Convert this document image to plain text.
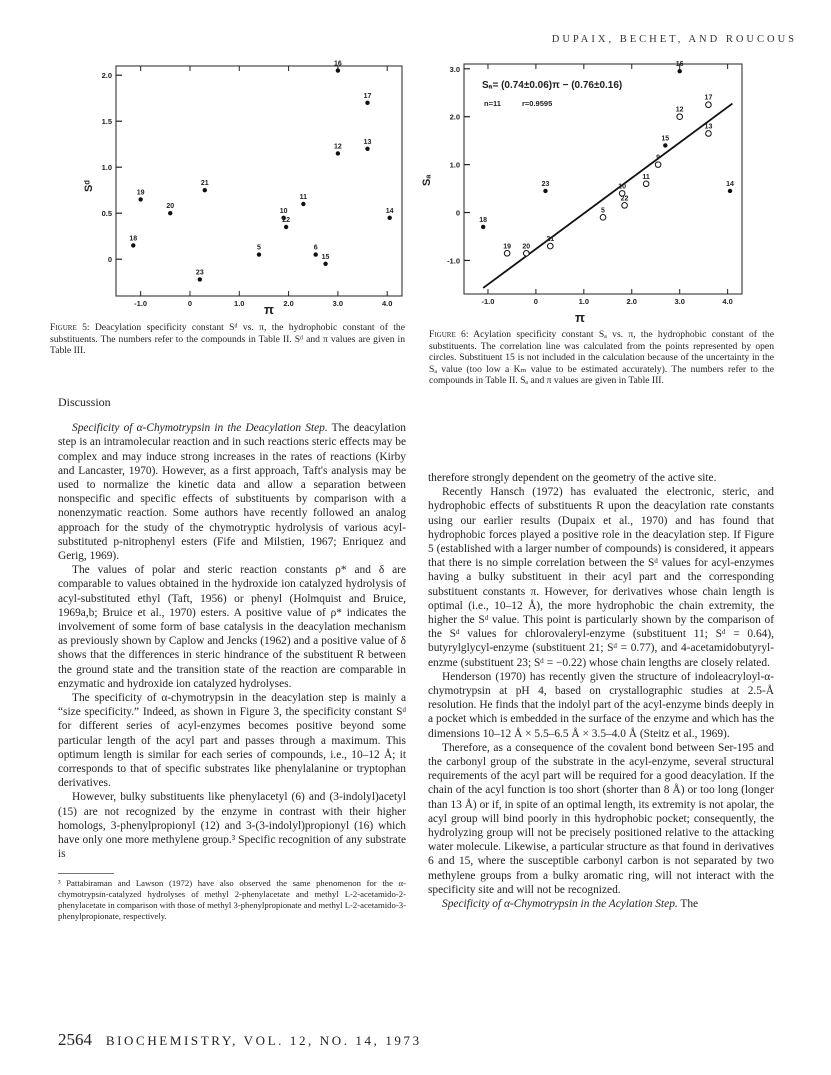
DUPAIX, BECHET, AND ROUCOUS
Sᵈ
π
-1.0	0	1.0	2.0	3.0	4.0
2.0
1.5
1.0
0.5
0
16
17
13
12
21
19
20
10
11
14
22
18
5	6
15
23
Figure 5: Deacylation specificity constant Sᵈ vs. π, the hydrophobic constant of the substituents. The numbers refer to the compounds in Table II. Sᵈ and π values are given in Table III.
Sₐ
π
Sₐ= (0.74±0.06)π − (0.76±0.16)
n=11	r=0.9595
-1.0	0	1.0	2.0	3.0	4.0
3.0
2.0
1.0
0
-1.0
16
17
12
13
15
9
11
14
23	10
22
5
18
19 20
21
Figure 6: Acylation specificity constant Sₐ vs. π, the hydrophobic constant of the substituents. The correlation line was calculated from the points represented by open circles. Substituent 15 is not included in the calculation because of the uncertainty in the Sₐ value (too low a Kₘ value to be estimated accurately). The numbers refer to the compounds in Table II. Sₐ and π values are given in Table III.
Discussion

Specificity of α-Chymotrypsin in the Deacylation Step. The deacylation step is an intramolecular reaction and in such reactions steric effects may be complex and may induce strong increases in the rates of reactions (Kirby and Lancaster, 1970). However, as a first approach, Taft's analysis may be used to normalize the kinetic data and allow a separation between nonspecific and specific effects of substituents by comparison with a nonenzymatic reaction. Some authors have recently followed an analog approach for the study of the chymotryptic hydrolysis of various acyl-substituted p-nitrophenyl esters (Fife and Milstien, 1967; Enriquez and Gerig, 1969).

The values of polar and steric reaction constants ρ* and δ are comparable to values obtained in the hydroxide ion catalyzed hydrolysis of acyl-substituted ethyl (Taft, 1956) or phenyl (Holmquist and Bruice, 1969a,b; Bruice et al., 1970) esters. A positive value of ρ* indicates the involvement of some form of base catalysis in the deacylation mechanism as previously shown by Caplow and Jencks (1962) and a positive value of δ shows that the differences in steric hindrance of the substituent R between the ground state and the transition state of the reaction are comparable in enzymatic and hydroxide ion catalyzed hydrolyses.

The specificity of α-chymotrypsin in the deacylation step is mainly a “size specificity.” Indeed, as shown in Figure 3, the specificity constant Sᵈ for different series of acyl-enzymes becomes positive beyond some particular length of the acyl part and passes through a maximum. This optimum length is similar for each series of compounds, i.e., 10–12 Å; it corresponds to that of specific substrates like phenylalanine or tryptophan derivatives.

However, bulky substituents like phenylacetyl (6) and (3-indolyl)acetyl (15) are not recognized by the enzyme in contrast with their higher homologs, 3-phenylpropionyl (12) and 3-(3-indolyl)propionyl (16) which have only one more methylene group.³ Specific recognition of any substrate is

³ Pattabiraman and Lawson (1972) have also observed the same phenomenon for the α-chymotrypsin-catalyzed hydrolyses of methyl 2-phenylacetate and methyl L-2-acetamido-2-phenylacetate in comparison with those of methyl 3-phenylpropionate and methyl L-2-acetamido-3-phenylpropionate, respectively.

therefore strongly dependent on the geometry of the active site.

Recently Hansch (1972) has evaluated the electronic, steric, and hydrophobic effects of substituents R upon the deacylation rate constants using our earlier results (Dupaix et al., 1970) and has found that hydrophobic forces played a positive role in the deacylation step. If Figure 5 (established with a larger number of compounds) is considered, it appears that there is no simple correlation between the Sᵈ values for acyl-enzymes having a bulky substituent in their acyl part and the corresponding substituent constants π. However, for derivatives whose chain length is optimal (i.e., 10–12 Å), the more hydrophobic the chain extremity, the higher the Sᵈ value. This point is particularly shown by the comparison of the Sᵈ values for chlorovaleryl-enzyme (substituent 11; Sᵈ = 0.64), butyrylglycyl-enzyme (substituent 21; Sᵈ = 0.77), and 4-acetamidobutyryl-enzme (substituent 23; Sᵈ = −0.22) whose chain lengths are closely related.

Henderson (1970) has recently given the structure of indoleacryloyl-α-chymotrypsin at pH 4, based on crystallographic studies at 2.5-Å resolution. He finds that the indolyl part of the acyl-enzyme binds deeply in a pocket which is embedded in the surface of the enzyme and which has the dimensions 10–12 Å × 5.5–6.5 Å × 3.5–4.0 Å (Steitz et al., 1969).

Therefore, as a consequence of the covalent bond between Ser-195 and the carbonyl group of the substrate in the acyl-enzyme, several structural requirements of the acyl part will be required for a good deacylation. If the chain of the acyl function is too short (shorter than 8 Å) or too long (longer than 13 Å) or if, in spite of an optimal length, its extremity is not apolar, the acyl group will bind poorly in this hydrophobic pocket; consequently, the hydrolyzing group will not be precisely positioned relative to the attacking water molecule. Likewise, a particular structure as that found in derivatives 6 and 15, where the susceptible carbonyl carbon is not separated by two methylene groups from a bulky aromatic ring, will not interact with the specificity site and will not be recognized.

Specificity of α-Chymotrypsin in the Acylation Step. The

2564 BIOCHEMISTRY, VOL. 12, NO. 14, 1973
